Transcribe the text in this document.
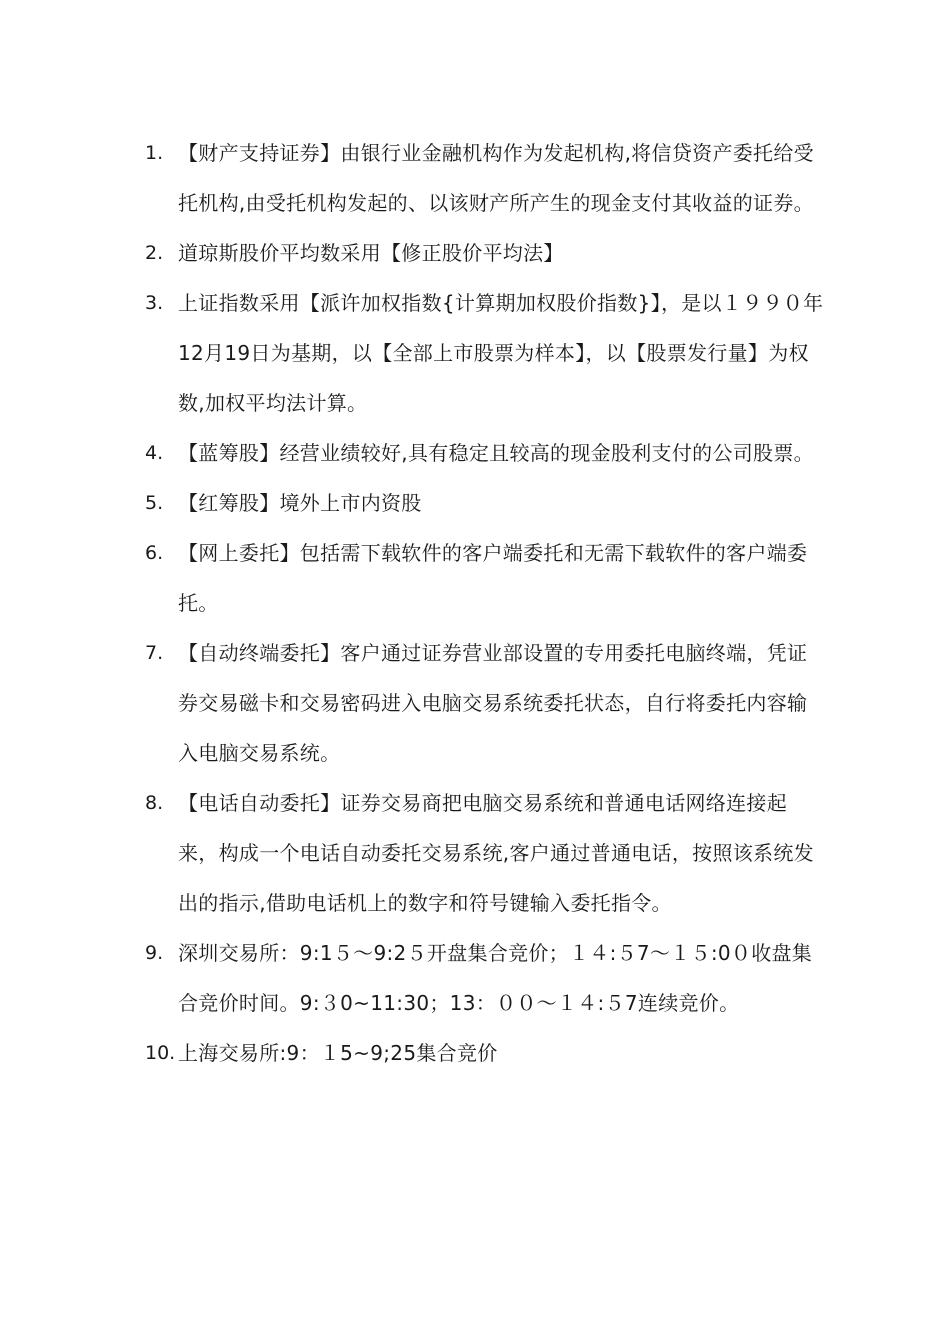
1. 【财产支持证券】由银行业金融机构作为发起机构,将信贷资产委托给受托机构,由受托机构发起的、以该财产所产生的现金支付其收益的证券。
2. 道琼斯股价平均数采用【修正股价平均法】
3. 上证指数采用【派许加权指数{计算期加权股价指数}】，是以１９９０年12月19日为基期，以【全部上市股票为样本】，以【股票发行量】为权数,加权平均法计算。
4. 【蓝筹股】经营业绩较好,具有稳定且较高的现金股利支付的公司股票。
5. 【红筹股】境外上市内资股
6. 【网上委托】包括需下载软件的客户端委托和无需下载软件的客户端委托。
7. 【自动终端委托】客户通过证券营业部设置的专用委托电脑终端，凭证券交易磁卡和交易密码进入电脑交易系统委托状态，自行将委托内容输入电脑交易系统。
8. 【电话自动委托】证券交易商把电脑交易系统和普通电话网络连接起来，构成一个电话自动委托交易系统,客户通过普通电话，按照该系统发出的指示,借助电话机上的数字和符号键输入委托指令。
9. 深圳交易所：9:1５～9:2５开盘集合竞价；１４:５7～１５:0０收盘集合竞价时间。9:３0~11:30；13：００～１４:５7连续竞价。
10. 上海交易所:9：１5~9;25集合竞价
